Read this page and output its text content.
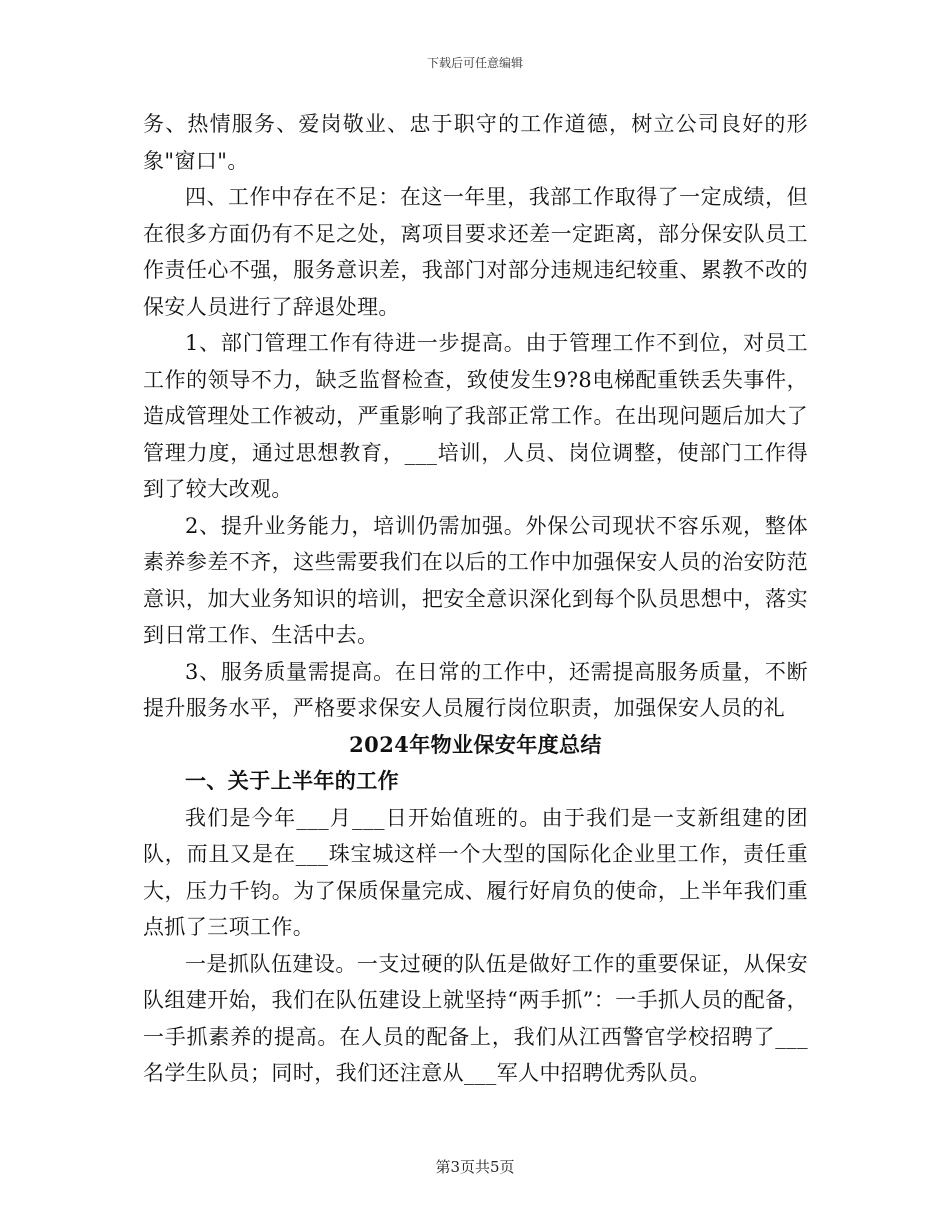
下载后可任意编辑

务、热情服务、爱岗敬业、忠于职守的工作道德，树立公司良好的形象"窗口"。

四、工作中存在不足：在这一年里，我部工作取得了一定成绩，但在很多方面仍有不足之处，离项目要求还差一定距离，部分保安队员工作责任心不强，服务意识差，我部门对部分违规违纪较重、累教不改的保安人员进行了辞退处理。

1、部门管理工作有待进一步提高。由于管理工作不到位，对员工工作的领导不力，缺乏监督检查，致使发生9?8电梯配重铁丢失事件，造成管理处工作被动，严重影响了我部正常工作。在出现问题后加大了管理力度，通过思想教育，___培训，人员、岗位调整，使部门工作得到了较大改观。

2、提升业务能力，培训仍需加强。外保公司现状不容乐观，整体素养参差不齐，这些需要我们在以后的工作中加强保安人员的治安防范意识，加大业务知识的培训，把安全意识深化到每个队员思想中，落实到日常工作、生活中去。

3、服务质量需提高。在日常的工作中，还需提高服务质量，不断提升服务水平，严格要求保安人员履行岗位职责，加强保安人员的礼

2024年物业保安年度总结
一、关于上半年的工作

我们是今年___月___日开始值班的。由于我们是一支新组建的团队，而且又是在___珠宝城这样一个大型的国际化企业里工作，责任重大，压力千钧。为了保质保量完成、履行好肩负的使命，上半年我们重点抓了三项工作。

一是抓队伍建设。一支过硬的队伍是做好工作的重要保证，从保安队组建开始，我们在队伍建设上就坚持“两手抓”：一手抓人员的配备，一手抓素养的提高。在人员的配备上，我们从江西警官学校招聘了___名学生队员；同时，我们还注意从___军人中招聘优秀队员。

第3页共5页
